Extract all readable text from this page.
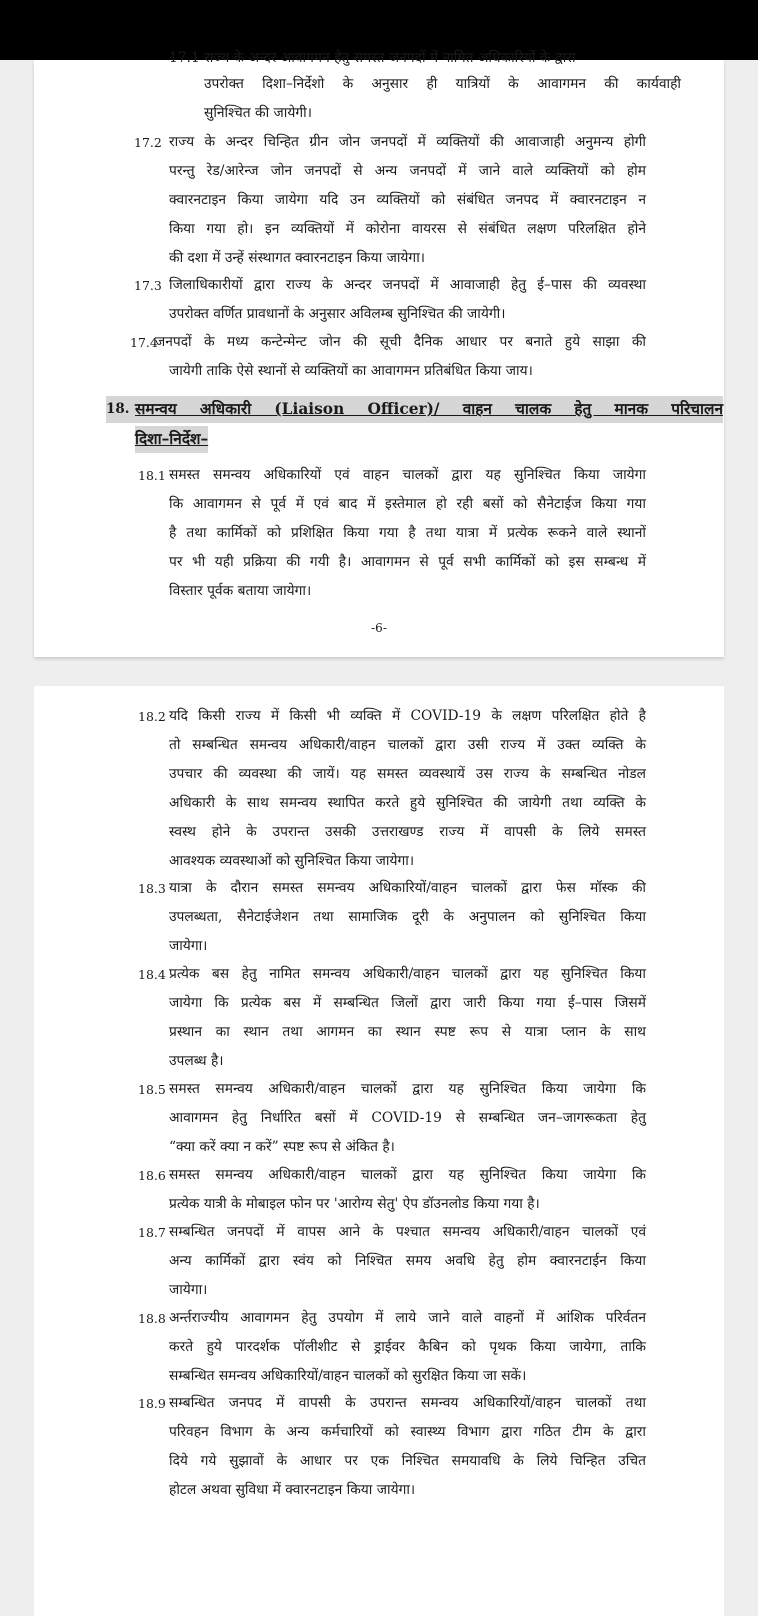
17.1 राज्य के अन्दर आवागमन हेतु समस्त जनपदों में नामित अधिकारियों के द्वारा
उपरोक्त दिशा–निर्देशो के अनुसार ही यात्रियों के आवागमन की कार्यवाही
सुनिश्चित की जायेगी।
17.2 राज्य के अन्दर चिन्हित ग्रीन जोन जनपदों में व्यक्तियों की आवाजाही अनुमन्य होगी
परन्तु रेड/आरेन्ज जोन जनपदों से अन्य जनपदों में जाने वाले व्यक्तियों को होम
क्वारनटाइन किया जायेगा यदि उन व्यक्तियों को संबंधित जनपद में क्वारनटाइन न
किया गया हो। इन व्यक्तियों में कोरोना वायरस से संबंधित लक्षण परिलक्षित होने
की दशा में उन्हें संस्थागत क्वारनटाइन किया जायेगा।
17.3 जिलाधिकारीयों द्वारा राज्य के अन्दर जनपदों में आवाजाही हेतु ई–पास की व्यवस्था
उपरोक्त वर्णित प्रावधानों के अनुसार अविलम्ब सुनिश्चित की जायेगी।
17.4
जनपदों के मध्य कन्टेन्मेन्ट जोन की सूची दैनिक आधार पर बनाते हुये साझा की
जायेगी ताकि ऐसे स्थानों से व्यक्तियों का आवागमन प्रतिबंधित किया जाय।
18. समन्वय अधिकारी (Liaison Officer)/ वाहन चालक हेतु मानक परिचालन
दिशा–निर्देश–
18.1 समस्त समन्वय अधिकारियों एवं वाहन चालकों द्वारा यह सुनिश्चित किया जायेगा
कि आवागमन से पूर्व में एवं बाद में इस्तेमाल हो रही बसों को सैनेटाईज किया गया
है तथा कार्मिकों को प्रशिक्षित किया गया है तथा यात्रा में प्रत्येक रूकने वाले स्थानों
पर भी यही प्रक्रिया की गयी है। आवागमन से पूर्व सभी कार्मिकों को इस सम्बन्ध में
विस्तार पूर्वक बताया जायेगा।
-6-
18.2 यदि किसी राज्य में किसी भी व्यक्ति में COVID-19 के लक्षण परिलक्षित होते है
तो सम्बन्धित समन्वय अधिकारी/वाहन चालकों द्वारा उसी राज्य में उक्त व्यक्ति के
उपचार की व्यवस्था की जायें। यह समस्त व्यवस्थायें उस राज्य के सम्बन्धित नोडल
अधिकारी के साथ समन्वय स्थापित करते हुये सुनिश्चित की जायेगी तथा व्यक्ति के
स्वस्थ होने के उपरान्त उसकी उत्तराखण्ड राज्य में वापसी के लिये समस्त
आवश्यक व्यवस्थाओं को सुनिश्चित किया जायेगा।
18.3 यात्रा के दौरान समस्त समन्वय अधिकारियों/वाहन चालकों द्वारा फेस मॉस्क की
उपलब्धता, सैनेटाईजेशन तथा सामाजिक दूरी के अनुपालन को सुनिश्चित किया
जायेगा।
18.4 प्रत्येक बस हेतु नामित समन्वय अधिकारी/वाहन चालकों द्वारा यह सुनिश्चित किया
जायेगा कि प्रत्येक बस में सम्बन्धित जिलों द्वारा जारी किया गया ई–पास जिसमें
प्रस्थान का स्थान तथा आगमन का स्थान स्पष्ट रूप से यात्रा प्लान के साथ
उपलब्ध है।
18.5 समस्त समन्वय अधिकारी/वाहन चालकों द्वारा यह सुनिश्चित किया जायेगा कि
आवागमन हेतु निर्धारित बसों में COVID-19 से सम्बन्धित जन–जागरूकता हेतु
“क्या करें क्या न करें” स्पष्ट रूप से अंकित है।
18.6 समस्त समन्वय अधिकारी/वाहन चालकों द्वारा यह सुनिश्चित किया जायेगा कि
प्रत्येक यात्री के मोबाइल फोन पर 'आरोग्य सेतु' ऐप डॉउनलोड किया गया है।
18.7 सम्बन्धित जनपदों में वापस आने के पश्चात समन्वय अधिकारी/वाहन चालकों एवं
अन्य कार्मिकों द्वारा स्वंय को निश्चित समय अवधि हेतु होम क्वारनटाईन किया
जायेगा।
18.8 अर्न्तराज्यीय आवागमन हेतु उपयोग में लाये जाने वाले वाहनों में आंशिक परिर्वतन
करते हुये पारदर्शक पॉलीशीट से ड्राईवर कैबिन को पृथक किया जायेगा, ताकि
सम्बन्धित समन्वय अधिकारियों/वाहन चालकों को सुरक्षित किया जा सकें।
18.9 सम्बन्धित जनपद में वापसी के उपरान्त समन्वय अधिकारियों/वाहन चालकों तथा
परिवहन विभाग के अन्य कर्मचारियों को स्वास्थ्य विभाग द्वारा गठित टीम के द्वारा
दिये गये सुझावों के आधार पर एक निश्चित समयावधि के लिये चिन्हित उचित
होटल अथवा सुविधा में क्वारनटाइन किया जायेगा।
